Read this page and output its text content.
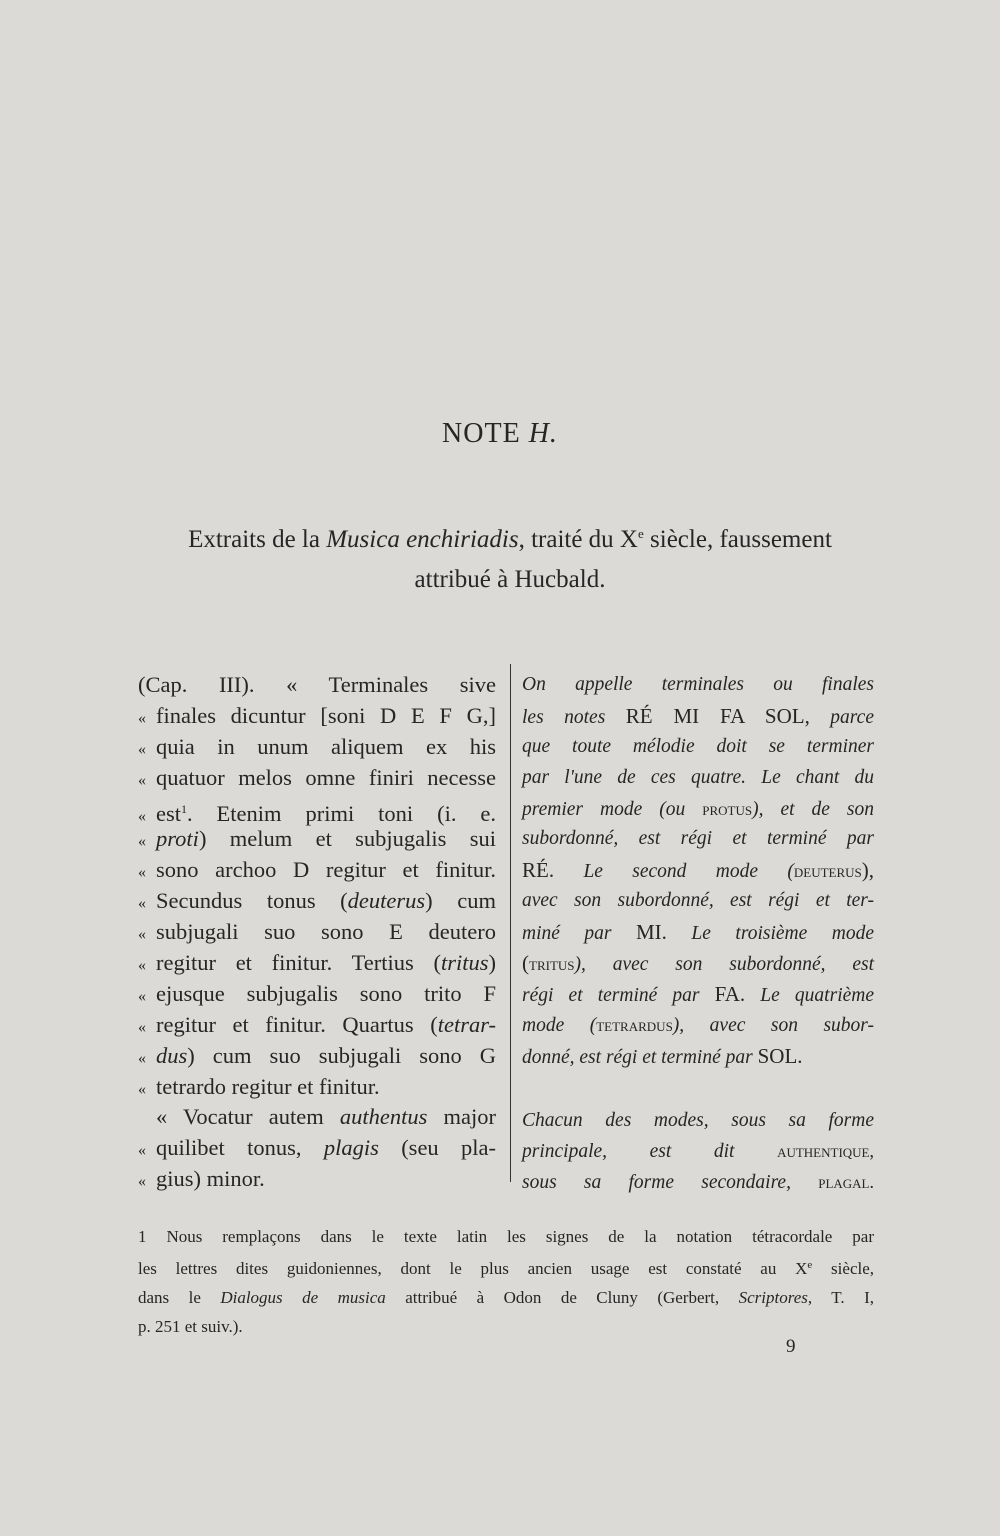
NOTE H.
Extraits de la Musica enchiriadis, traité du Xe siècle, faussement
attribué à Hucbald.
(Cap. III). « Terminales sive
« finales dicuntur [soni D E F G,]
« quia in unum aliquem ex his
« quatuor melos omne finiri necesse
« est$^1$. Etenim primi toni (i. e.
« proti) melum et subjugalis sui
« sono archoo D regitur et finitur.
« Secundus tonus (deuterus) cum
« subjugali suo sono E deutero
« regitur et finitur. Tertius (tritus)
« ejusque subjugalis sono trito F
« regitur et finitur. Quartus (tetrar-
« dus) cum suo subjugali sono G
« tetrardo regitur et finitur.
« Vocatur autem authentus major
« quilibet tonus, plagis (seu pla-
« gius) minor.
On appelle terminales ou finales
les notes RÉ MI FA SOL, parce
que toute mélodie doit se terminer
par l'une de ces quatre. Le chant du
premier mode (ou protus), et de son
subordonné, est régi et terminé par
RÉ. Le second mode (deuterus),
avec son subordonné, est régi et ter-
miné par MI. Le troisième mode
(tritus), avec son subordonné, est
régi et terminé par FA. Le quatrième
mode (tetrardus), avec son subor-
donné, est régi et terminé par SOL.
Chacun des modes, sous sa forme
principale, est dit authentique,
sous sa forme secondaire, plagal.
1 Nous remplaçons dans le texte latin les signes de la notation tétracordale par
les lettres dites guidoniennes, dont le plus ancien usage est constaté au Xe siècle,
dans le Dialogus de musica attribué à Odon de Cluny (Gerbert, Scriptores, T. I,
p. 251 et suiv.).
9
